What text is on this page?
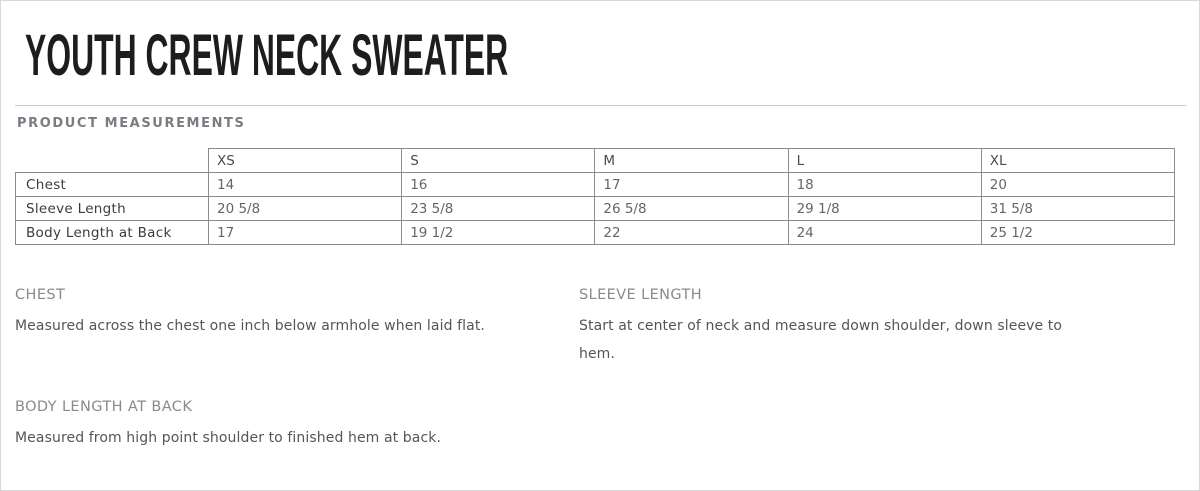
YOUTH CREW NECK SWEATER
PRODUCT MEASUREMENTS
	XS	S	M	L	XL
Chest	14	16	17	18	20
Sleeve Length	20 5/8	23 5/8	26 5/8	29 1/8	31 5/8
Body Length at Back	17	19 1/2	22	24	25 1/2
CHEST
Measured across the chest one inch below armhole when laid flat.
SLEEVE LENGTH
Start at center of neck and measure down shoulder, down sleeve to hem.
BODY LENGTH AT BACK
Measured from high point shoulder to finished hem at back.
